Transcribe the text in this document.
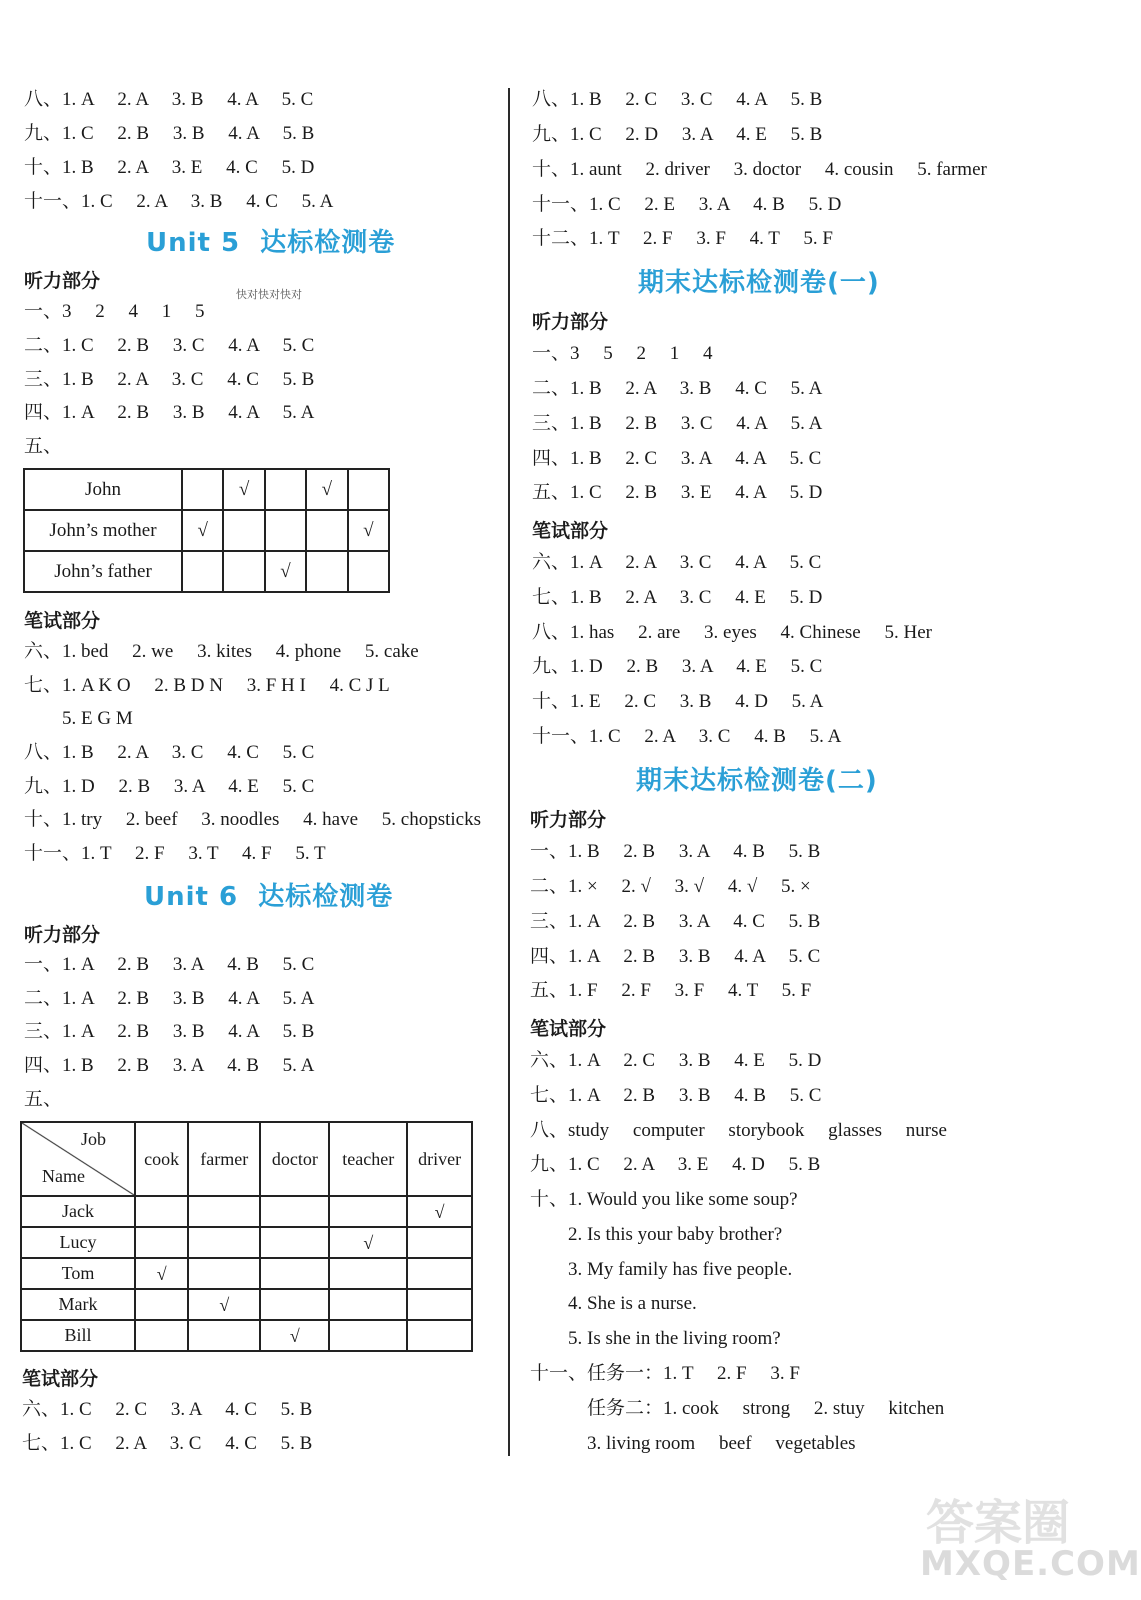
八、1. A　 2. A　 3. B　 4. A　 5. C
九、1. C　 2. B　 3. B　 4. A　 5. B
十、1. B　 2. A　 3. E　 4. C　 5. D
十一、1. C　 2. A　 3. B　 4. C　 5. A
Unit 5  达标检测卷
听力部分
一、3　 2　 4　 1　 5
二、1. C　 2. B　 3. C　 4. A　 5. C
三、1. B　 2. A　 3. C　 4. C　 5. B
四、1. A　 2. B　 3. B　 4. A　 5. A
五、
John		√		√	
John’s mother	√				√
John’s father			√		
笔试部分
六、1. bed　 2. we　 3. kites　 4. phone　 5. cake
七、1. A K O　 2. B D N　 3. F H I　 4. C J L
　　5. E G M
八、1. B　 2. A　 3. C　 4. C　 5. C
九、1. D　 2. B　 3. A　 4. E　 5. C
十、1. try　 2. beef　 3. noodles　 4. have　 5. chopsticks
十一、1. T　 2. F　 3. T　 4. F　 5. T
Unit 6  达标检测卷
听力部分
一、1. A　 2. B　 3. A　 4. B　 5. C
二、1. A　 2. B　 3. B　 4. A　 5. A
三、1. A　 2. B　 3. B　 4. A　 5. B
四、1. B　 2. B　 3. A　 4. B　 5. A
五、
Job
Name	cook	farmer	doctor	teacher	driver
Jack					√
Lucy				√	
Tom	√				
Mark		√			
Bill			√		
笔试部分
六、1. C　 2. C　 3. A　 4. C　 5. B
七、1. C　 2. A　 3. C　 4. C　 5. B
快对快对快对
八、1. B　 2. C　 3. C　 4. A　 5. B
九、1. C　 2. D　 3. A　 4. E　 5. B
十、1. aunt　 2. driver　 3. doctor　 4. cousin　 5. farmer
十一、1. C　 2. E　 3. A　 4. B　 5. D
十二、1. T　 2. F　 3. F　 4. T　 5. F
期末达标检测卷(一)
听力部分
一、3　 5　 2　 1　 4
二、1. B　 2. A　 3. B　 4. C　 5. A
三、1. B　 2. B　 3. C　 4. A　 5. A
四、1. B　 2. C　 3. A　 4. A　 5. C
五、1. C　 2. B　 3. E　 4. A　 5. D
笔试部分
六、1. A　 2. A　 3. C　 4. A　 5. C
七、1. B　 2. A　 3. C　 4. E　 5. D
八、1. has　 2. are　 3. eyes　 4. Chinese　 5. Her
九、1. D　 2. B　 3. A　 4. E　 5. C
十、1. E　 2. C　 3. B　 4. D　 5. A
十一、1. C　 2. A　 3. C　 4. B　 5. A
期末达标检测卷(二)
听力部分
一、1. B　 2. B　 3. A　 4. B　 5. B
二、1. ×　 2. √　 3. √　 4. √　 5. ×
三、1. A　 2. B　 3. A　 4. C　 5. B
四、1. A　 2. B　 3. B　 4. A　 5. C
五、1. F　 2. F　 3. F　 4. T　 5. F
笔试部分
六、1. A　 2. C　 3. B　 4. E　 5. D
七、1. A　 2. B　 3. B　 4. B　 5. C
八、study　 computer　 storybook　 glasses　 nurse
九、1. C　 2. A　 3. E　 4. D　 5. B
十、1. Would you like some soup?
　　2. Is this your baby brother?
　　3. My family has five people.
　　4. She is a nurse.
　　5. Is she in the living room?
十一、任务一：1. T　 2. F　 3. F
　　　任务二：1. cook　 strong　 2. stuy　 kitchen
　　　3. living room　 beef　 vegetables
答案圈
MXQE.COM
